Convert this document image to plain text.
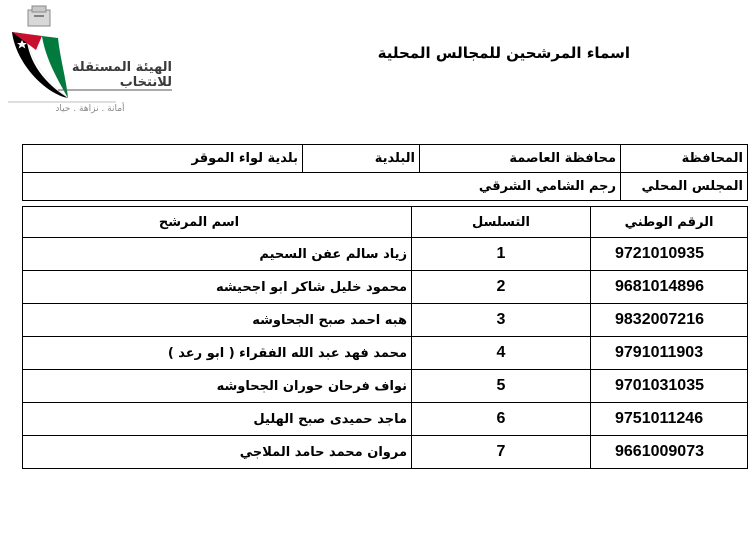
الهيئة المستقلة
للانتخاب
أمانة . نزاهة . حياد
اسماء المرشحين للمجالس المحلية
المحافظة	محافظة العاصمة	البلدية	بلدية لواء الموقر
المجلس المحلي	رجم الشامي الشرقي		
الرقم الوطني	التسلسل	اسم المرشح
9721010935	1	زياد سالم عفن السحيم
9681014896	2	محمود خليل شاكر ابو اجحيشه
9832007216	3	هبه احمد صبح الجحاوشه
9791011903	4	محمد فهد عبد الله الفقراء ( ابو رعد )
9701031035	5	نواف فرحان حوران الجحاوشه
9751011246	6	ماجد حميدى صبح الهليل
9661009073	7	مروان محمد حامد الملاجي
